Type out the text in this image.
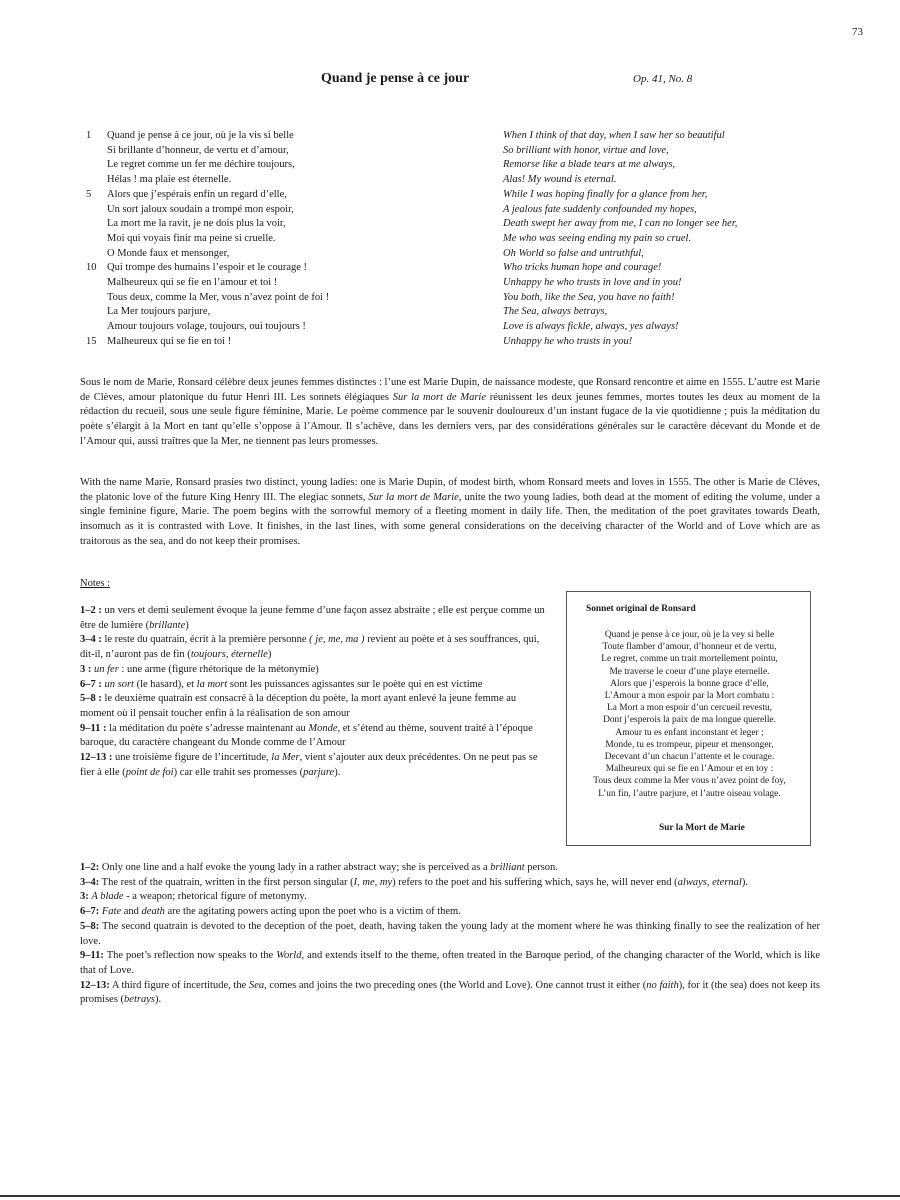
73
Quand je pense à ce jour	Op. 41, No. 8
1 Quand je pense à ce jour, où je la vis si belle
Si brillante d’honneur, de vertu et d’amour,
Le regret comme un fer me déchire toujours,
Hélas ! ma plaie est éternelle.
5 Alors que j’espérais enfin un regard d’elle,
Un sort jaloux soudain a trompé mon espoir,
La mort me la ravit, je ne dois plus la voir,
Moi qui voyais finir ma peine si cruelle.
O Monde faux et mensonger,
10 Qui trompe des humains l’espoir et le courage !
Malheureux qui se fie en l’amour et toi !
Tous deux, comme la Mer, vous n’avez point de foi !
La Mer toujours parjure,
Amour toujours volage, toujours, oui toujours !
15 Malheureux qui se fie en toi !
When I think of that day, when I saw her so beautiful
So brilliant with honor, virtue and love,
Remorse like a blade tears at me always,
Alas! My wound is eternal.
While I was hoping finally for a glance from her,
A jealous fate suddenly confounded my hopes,
Death swept her away from me, I can no longer see her,
Me who was seeing ending my pain so cruel.
Oh World so false and untruthful,
Who tricks human hope and courage!
Unhappy he who trusts in love and in you!
You both, like the Sea, you have no faith!
The Sea, always betrays,
Love is always fickle, always, yes always!
Unhappy he who trusts in you!
Sous le nom de Marie, Ronsard célèbre deux jeunes femmes distinctes : l’une est Marie Dupin, de naissance modeste, que Ronsard rencontre et aime en 1555. L’autre est Marie de Clèves, amour platonique du futur Henri III. Les sonnets élégiaques Sur la mort de Marie réunissent les deux jeunes femmes, mortes toutes les deux au moment de la rédaction du recueil, sous une seule figure féminine, Marie. Le poème commence par le souvenir douloureux d’un instant fugace de la vie quotidienne ; puis la méditation du poète s’élargit à la Mort en tant qu’elle s’oppose à l’Amour. Il s’achève, dans les derniers vers, par des considérations générales sur le caractère décevant du Monde et de l’Amour qui, aussi traîtres que la Mer, ne tiennent pas leurs promesses.
With the name Marie, Ronsard prasies two distinct, young ladies: one is Marie Dupin, of modest birth, whom Ronsard meets and loves in 1555. The other is Marie de Clèves, the platonic love of the future King Henry III. The elegiac sonnets, Sur la mort de Marie, unite the two young ladies, both dead at the moment of editing the volume, under a single feminine figure, Marie. The poem begins with the sorrowful memory of a fleeting moment in daily life. Then, the meditation of the poet gravitates towards Death, insomuch as it is contrasted with Love. It finishes, in the last lines, with some general considerations on the deceiving character of the World and of Love which are as traitorous as the sea, and do not keep their promises.
Notes :

1–2 : un vers et demi seulement évoque la jeune femme d’une façon assez abstraite ; elle est perçue comme un être de lumière (brillante)

3–4 : le reste du quatrain, écrit à la première personne ( je, me, ma ) revient au poète et à ses souffrances, qui, dit-il, n’auront pas de fin (toujours, éternelle)

3 : un fer : une arme (figure rhétorique de la métonymie)

6–7 : un sort (le hasard), et la mort sont les puissances agissantes sur le poète qui en est victime

5–8 : le deuxième quatrain est consacré à la déception du poète, la mort ayant enlevé la jeune femme au moment où il pensait toucher enfin à la réalisation de son amour

9–11 : la méditation du poète s’adresse maintenant au Monde, et s’étend au thème, souvent traité à l’époque baroque, du caractère changeant du Monde comme de l’Amour

12–13 : une troisième figure de l’incertitude, la Mer, vient s’ajouter aux deux précédentes. On ne peut pas se fier à elle (point de foi) car elle trahit ses promesses (parjure).

Sonnet original de Ronsard
Quand je pense à ce jour, où je la vey si belle
Toute flamber d’amour, d’honneur et de vertu,
Le regret, comme un trait mortellement pointu,
Me traverse le coeur d’une playe eternelle.
Alors que j’esperois la bonne grace d’elle,
L’Amour a mon espoir par la Mort combatu :
La Mort a mon espoir d’un cercueil revestu,
Dont j’esperois la paix de ma longue querelle.
Amour tu es enfant inconstant et leger ;
Monde, tu es trompeur, pipeur et mensonger,
Decevant d’un chacun l’attente et le courage.
Malheureux qui se fie en l’Amour et en toy :
Tous deux comme la Mer vous n’avez point de foy,
L’un fin, l’autre parjure, et l’autre oiseau volage.
Sur la Mort de Marie

1–2: Only one line and a half evoke the young lady in a rather abstract way; she is perceived as a brilliant person.

3–4: The rest of the quatrain, written in the first person singular (I, me, my) refers to the poet and his suffering which, says he, will never end (always, eternal).

3: A blade - a weapon; rhetorical figure of metonymy.

6–7: Fate and death are the agitating powers acting upon the poet who is a victim of them.

5–8: The second quatrain is devoted to the deception of the poet, death, having taken the young lady at the moment where he was thinking finally to see the realization of her love.

9–11: The poet’s reflection now speaks to the World, and extends itself to the theme, often treated in the Baroque period, of the changing character of the World, which is like that of Love.

12–13: A third figure of incertitude, the Sea, comes and joins the two preceding ones (the World and Love). One cannot trust it either (no faith), for it (the sea) does not keep its promises (betrays).
